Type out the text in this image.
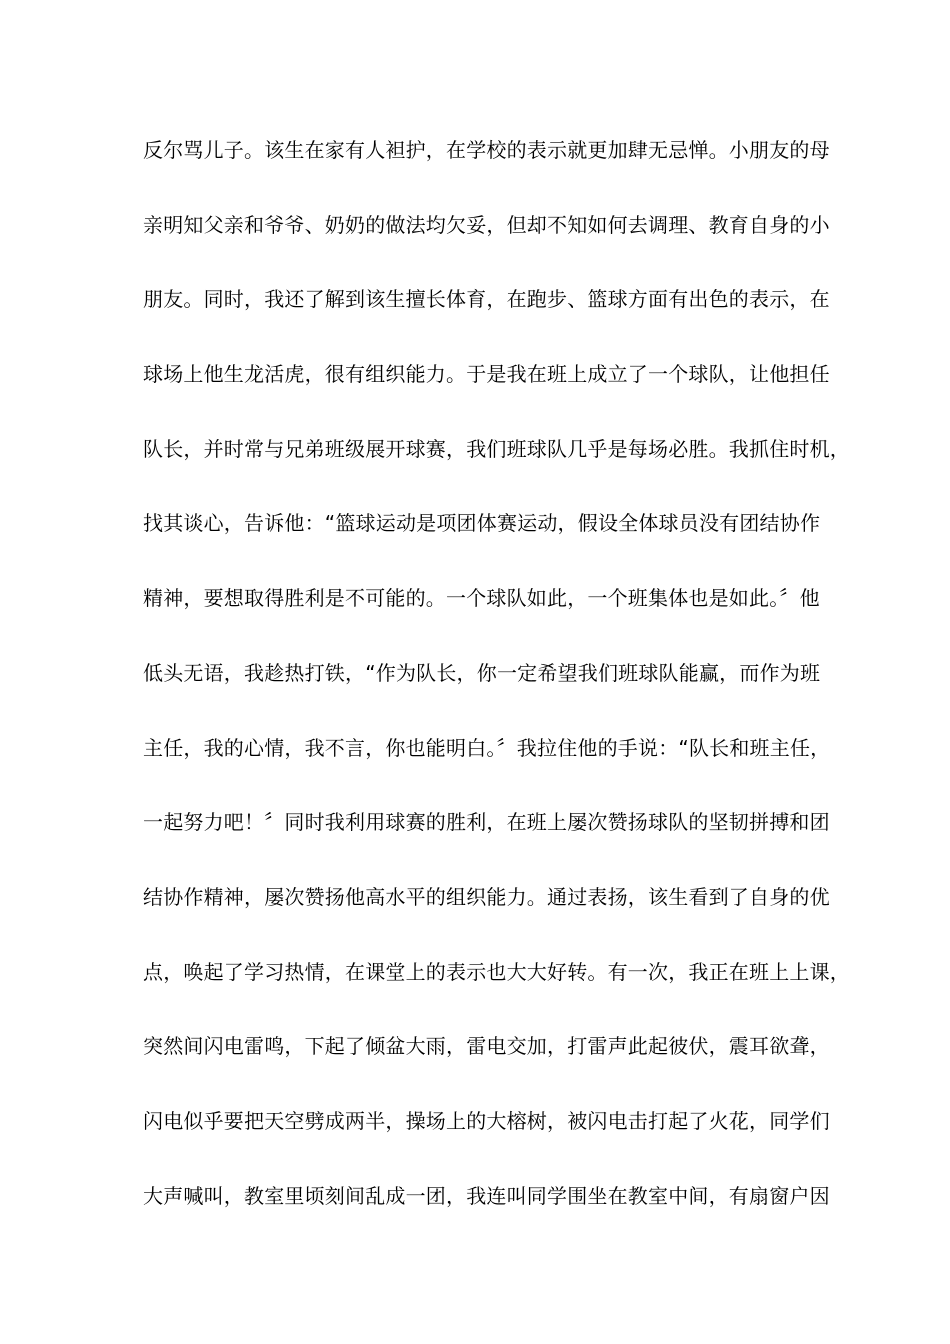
反尔骂儿子。该生在家有人袒护，在学校的表示就更加肆无忌惮。小朋友的母
亲明知父亲和爷爷、奶奶的做法均欠妥，但却不知如何去调理、教育自身的小
朋友。同时，我还了解到该生擅长体育，在跑步、篮球方面有出色的表示，在
球场上他生龙活虎，很有组织能力。于是我在班上成立了一个球队，让他担任
队长，并时常与兄弟班级展开球赛，我们班球队几乎是每场必胜。我抓住时机，
找其谈心，告诉他：“篮球运动是项团体赛运动，假设全体球员没有团结协作
精神，要想取得胜利是不可能的。一个球队如此，一个班集体也是如此。〞他
低头无语，我趁热打铁，“作为队长，你一定希望我们班球队能赢，而作为班
主任，我的心情，我不言，你也能明白。〞我拉住他的手说：“队长和班主任，
一起努力吧！〞同时我利用球赛的胜利，在班上屡次赞扬球队的坚韧拼搏和团
结协作精神，屡次赞扬他高水平的组织能力。通过表扬，该生看到了自身的优
点，唤起了学习热情，在课堂上的表示也大大好转。有一次，我正在班上上课，
突然间闪电雷鸣，下起了倾盆大雨，雷电交加，打雷声此起彼伏，震耳欲聋，
闪电似乎要把天空劈成两半，操场上的大榕树，被闪电击打起了火花，同学们
大声喊叫，教室里顷刻间乱成一团，我连叫同学围坐在教室中间，有扇窗户因
